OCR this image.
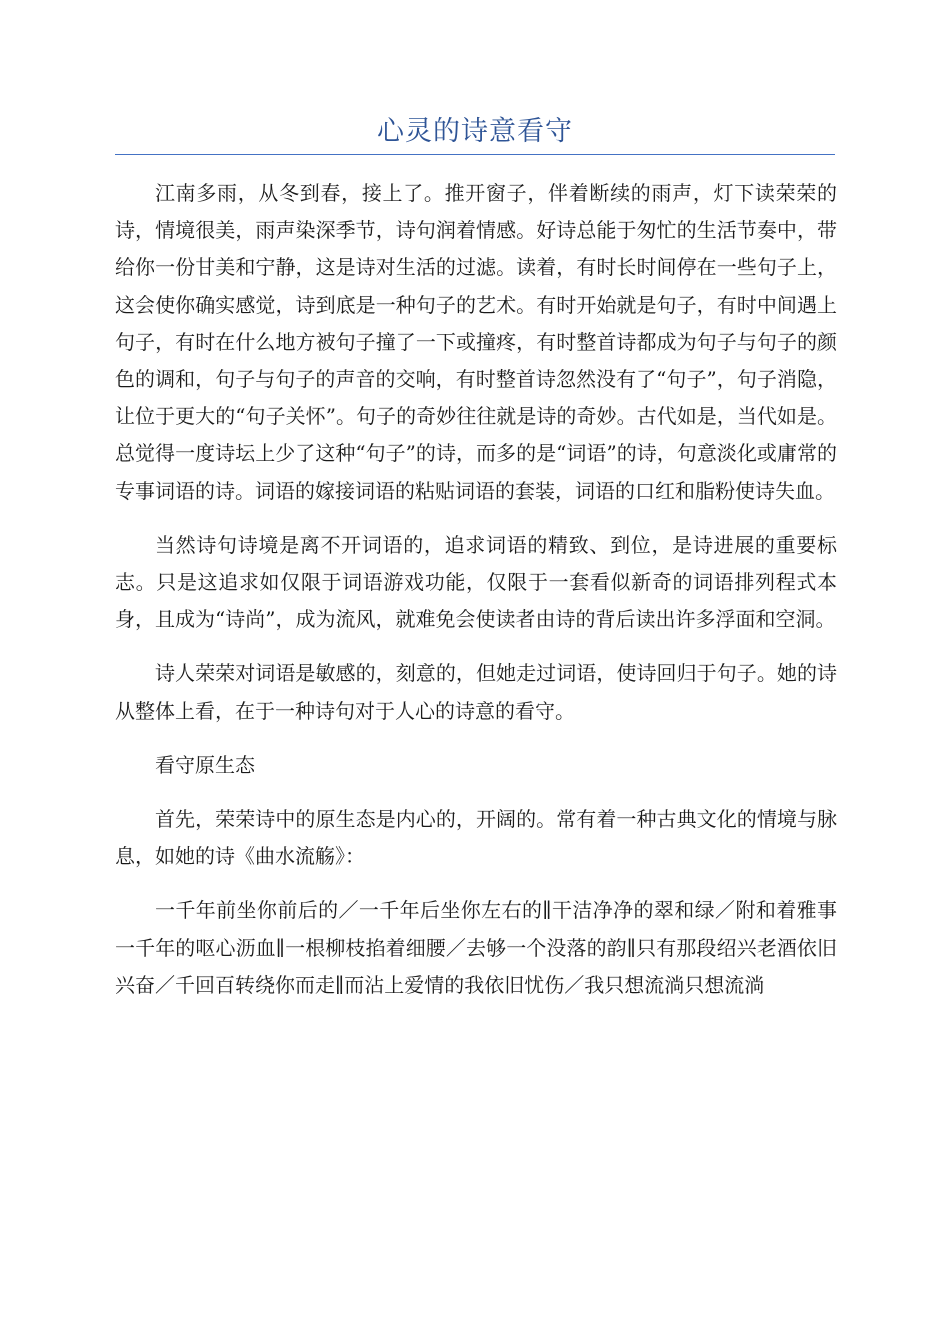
心灵的诗意看守

江南多雨，从冬到春，接上了。推开窗子，伴着断续的雨声，灯下读荣荣的诗，情境很美，雨声染深季节，诗句润着情感。好诗总能于匆忙的生活节奏中，带给你一份甘美和宁静，这是诗对生活的过滤。读着，有时长时间停在一些句子上，这会使你确实感觉，诗到底是一种句子的艺术。有时开始就是句子，有时中间遇上句子，有时在什么地方被句子撞了一下或撞疼，有时整首诗都成为句子与句子的颜色的调和，句子与句子的声音的交响，有时整首诗忽然没有了“句子”，句子消隐，让位于更大的“句子关怀”。句子的奇妙往往就是诗的奇妙。古代如是，当代如是。总觉得一度诗坛上少了这种“句子”的诗，而多的是“词语”的诗，句意淡化或庸常的专事词语的诗。词语的嫁接词语的粘贴词语的套装，词语的口红和脂粉使诗失血。

当然诗句诗境是离不开词语的，追求词语的精致、到位，是诗进展的重要标志。只是这追求如仅限于词语游戏功能，仅限于一套看似新奇的词语排列程式本身，且成为“诗尚”，成为流风，就难免会使读者由诗的背后读出许多浮面和空洞。

诗人荣荣对词语是敏感的，刻意的，但她走过词语，使诗回归于句子。她的诗从整体上看，在于一种诗句对于人心的诗意的看守。

看守原生态

首先，荣荣诗中的原生态是内心的，开阔的。常有着一种古典文化的情境与脉息，如她的诗《曲水流觞》：

一千年前坐你前后的／一千年后坐你左右的∥干洁净净的翠和绿／附和着雅事一千年的呕心沥血∥一根柳枝掐着细腰／去够一个没落的韵∥只有那段绍兴老酒依旧兴奋／千回百转绕你而走∥而沾上爱情的我依旧忧伤／我只想流淌只想流淌
